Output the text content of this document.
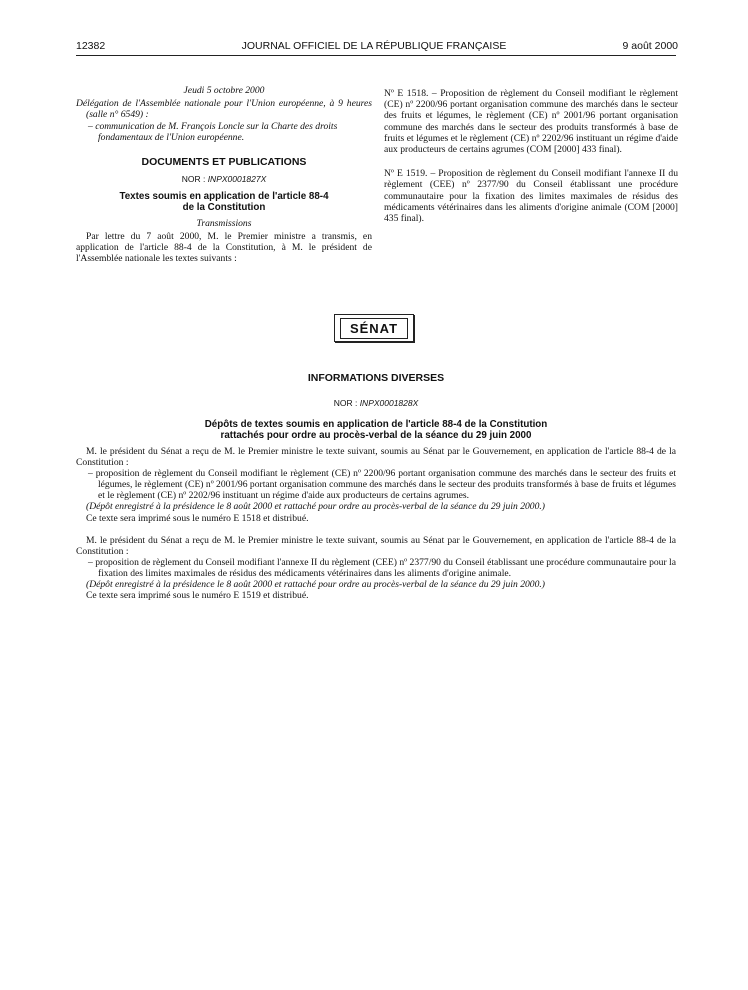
12382	JOURNAL OFFICIEL DE LA RÉPUBLIQUE FRANÇAISE	9 août 2000
Jeudi 5 octobre 2000
Délégation de l'Assemblée nationale pour l'Union européenne, à 9 heures (salle n° 6549) :
– communication de M. François Loncle sur la Charte des droits fondamentaux de l'Union européenne.
DOCUMENTS ET PUBLICATIONS
NOR : INPX0001827X
Textes soumis en application de l'article 88-4
de la Constitution
Transmissions
Par lettre du 7 août 2000, M. le Premier ministre a transmis, en application de l'article 88-4 de la Constitution, à M. le président de l'Assemblée nationale les textes suivants :
Nº E 1518. – Proposition de règlement du Conseil modifiant le règlement (CE) nº 2200/96 portant organisation commune des marchés dans le secteur des fruits et légumes, le règlement (CE) nº 2001/96 portant organisation commune des marchés dans le secteur des produits transformés à base de fruits et légumes et le règlement (CE) nº 2202/96 instituant un régime d'aide aux producteurs de certains agrumes (COM [2000] 433 final).
Nº E 1519. – Proposition de règlement du Conseil modifiant l'annexe II du règlement (CEE) nº 2377/90 du Conseil établissant une procédure communautaire pour la fixation des limites maximales de résidus des médicaments vétérinaires dans les aliments d'origine animale (COM [2000] 435 final).
SÉNAT
INFORMATIONS DIVERSES
NOR : INPX0001828X
Dépôts de textes soumis en application de l'article 88-4 de la Constitution
rattachés pour ordre au procès-verbal de la séance du 29 juin 2000
M. le président du Sénat a reçu de M. le Premier ministre le texte suivant, soumis au Sénat par le Gouvernement, en application de l'article 88-4 de la Constitution :
– proposition de règlement du Conseil modifiant le règlement (CE) nº 2200/96 portant organisation commune des marchés dans le secteur des fruits et légumes, le règlement (CE) nº 2001/96 portant organisation commune des marchés dans le secteur des produits transformés à base de fruits et légumes et le règlement (CE) nº 2202/96 instituant un régime d'aide aux producteurs de certains agrumes.
(Dépôt enregistré à la présidence le 8 août 2000 et rattaché pour ordre au procès-verbal de la séance du 29 juin 2000.)
Ce texte sera imprimé sous le numéro E 1518 et distribué.
M. le président du Sénat a reçu de M. le Premier ministre le texte suivant, soumis au Sénat par le Gouvernement, en application de l'article 88-4 de la Constitution :
– proposition de règlement du Conseil modifiant l'annexe II du règlement (CEE) nº 2377/90 du Conseil établissant une procédure communautaire pour la fixation des limites maximales de résidus des médicaments vétérinaires dans les aliments d'origine animale.
(Dépôt enregistré à la présidence le 8 août 2000 et rattaché pour ordre au procès-verbal de la séance du 29 juin 2000.)
Ce texte sera imprimé sous le numéro E 1519 et distribué.
